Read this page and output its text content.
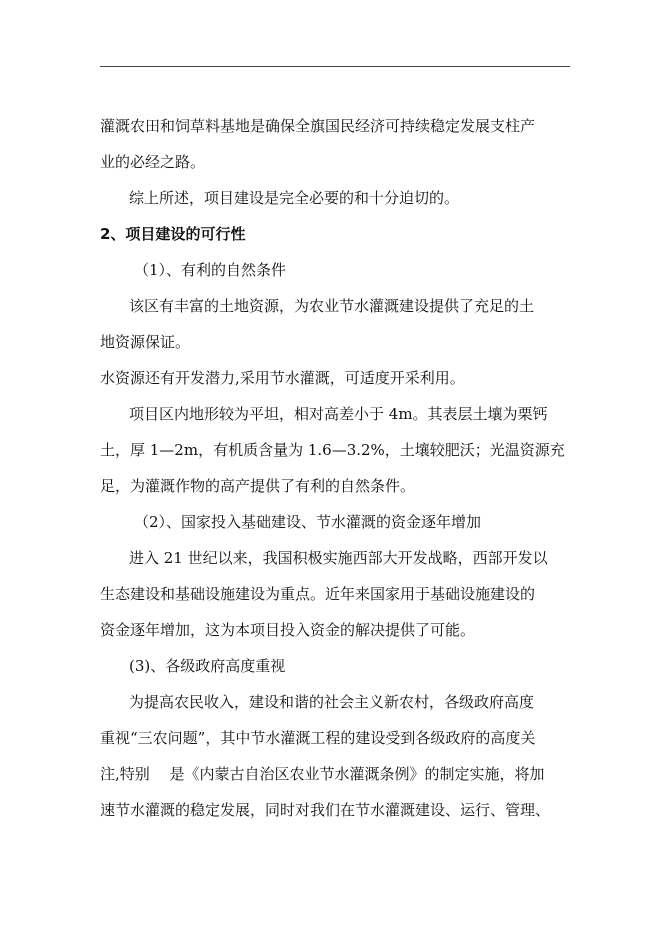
灌溉农田和饲草料基地是确保全旗国民经济可持续稳定发展支柱产
业的必经之路。
综上所述，项目建设是完全必要的和十分迫切的。
2、项目建设的可行性
（1）、有利的自然条件
该区有丰富的土地资源，为农业节水灌溉建设提供了充足的土
地资源保证。
水资源还有开发潜力,采用节水灌溉，可适度开采利用。
项目区内地形较为平坦，相对高差小于 4m。其表层土壤为栗钙
土，厚 1—2m，有机质含量为 1.6—3.2%，土壤较肥沃；光温资源充
足，为灌溉作物的高产提供了有利的自然条件。
（2）、国家投入基础建设、节水灌溉的资金逐年增加
进入 21 世纪以来，我国积极实施西部大开发战略，西部开发以
生态建设和基础设施建设为重点。近年来国家用于基础设施建设的
资金逐年增加，这为本项目投入资金的解决提供了可能。
(3)、各级政府高度重视
为提高农民收入，建设和谐的社会主义新农村，各级政府高度
重视“三农问题”，其中节水灌溉工程的建设受到各级政府的高度关
注,特别　 是《内蒙古自治区农业节水灌溉条例》的制定实施，将加
速节水灌溉的稳定发展，同时对我们在节水灌溉建设、运行、管理、
